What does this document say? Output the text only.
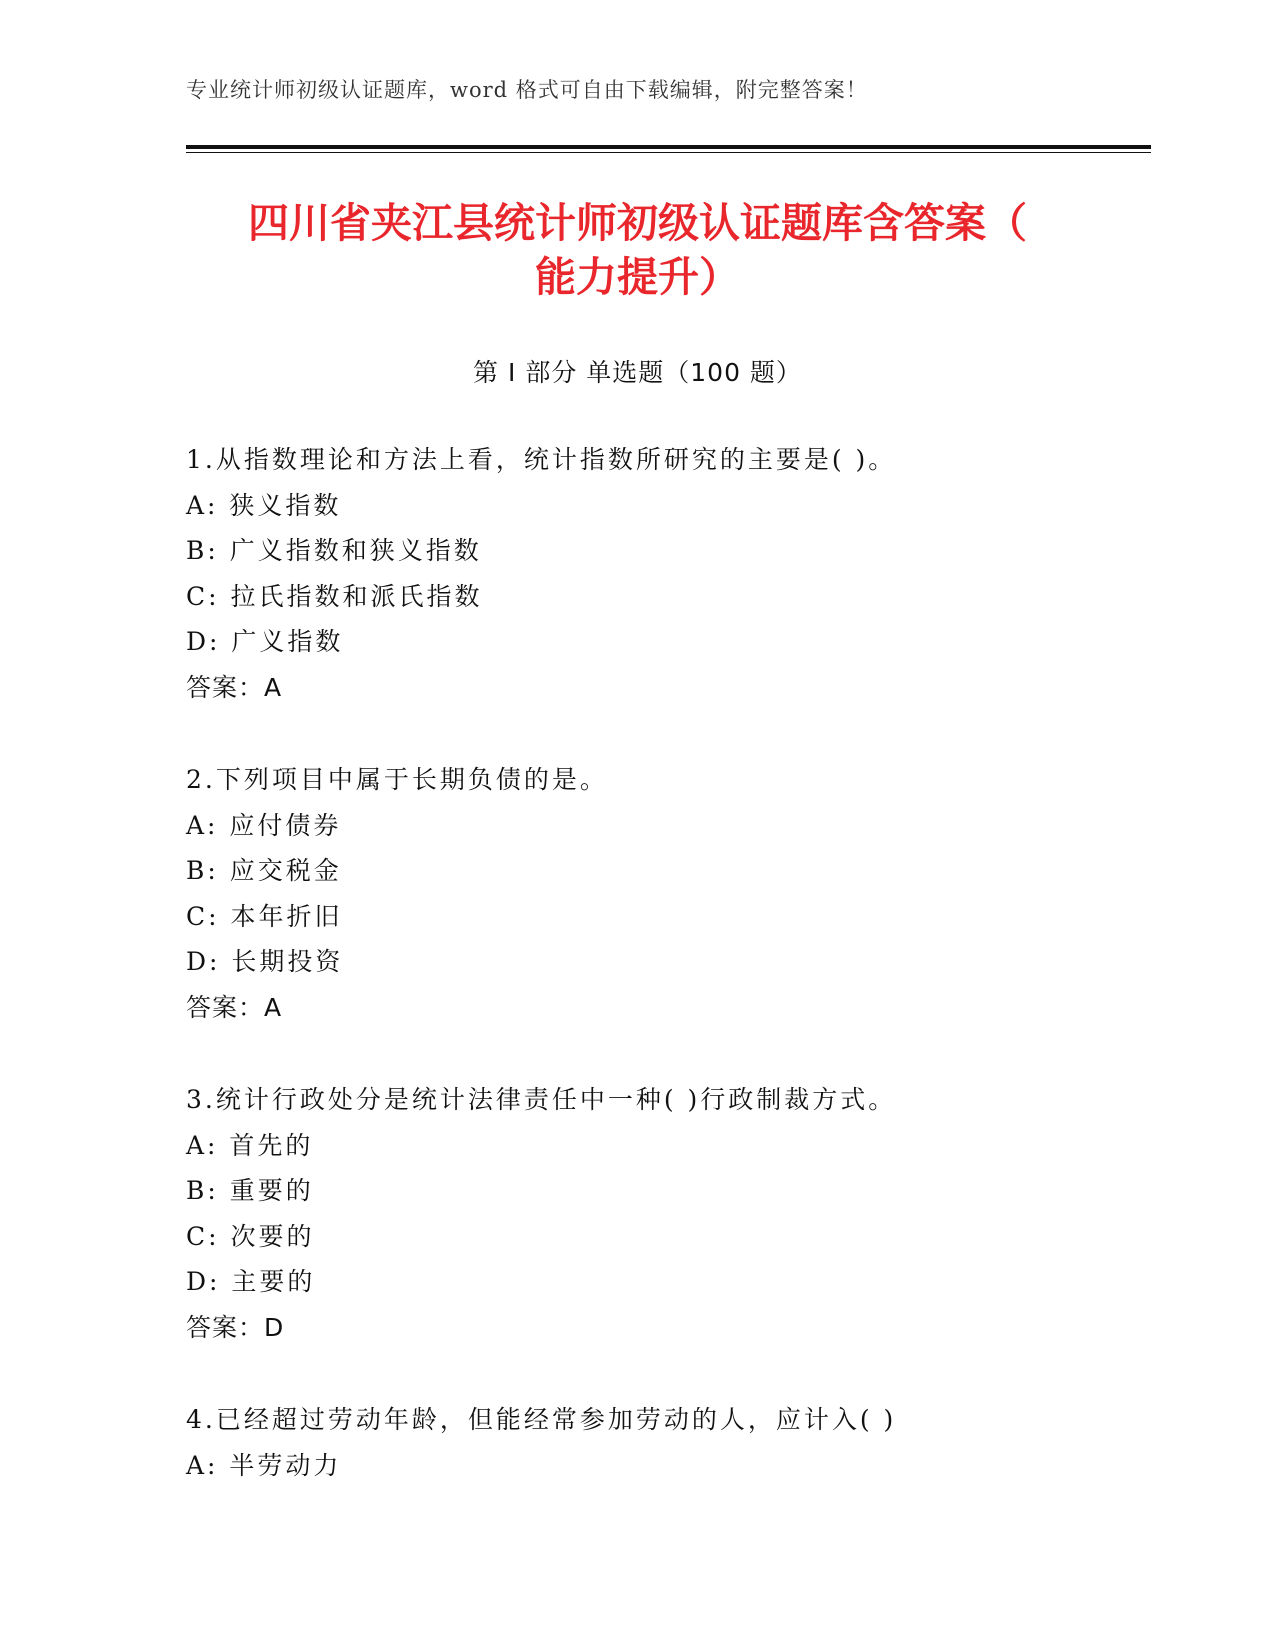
专业统计师初级认证题库，word 格式可自由下载编辑，附完整答案！
四川省夹江县统计师初级认证题库含答案（
能力提升）
第 I 部分 单选题（100 题）
1.从指数理论和方法上看，统计指数所研究的主要是( )。
A: 狭义指数
B: 广义指数和狭义指数
C: 拉氏指数和派氏指数
D: 广义指数
答案：A
2.下列项目中属于长期负债的是。
A: 应付债券
B: 应交税金
C: 本年折旧
D: 长期投资
答案：A
3.统计行政处分是统计法律责任中一种( )行政制裁方式。
A: 首先的
B: 重要的
C: 次要的
D: 主要的
答案：D
4.已经超过劳动年龄，但能经常参加劳动的人，应计入( )
A: 半劳动力
